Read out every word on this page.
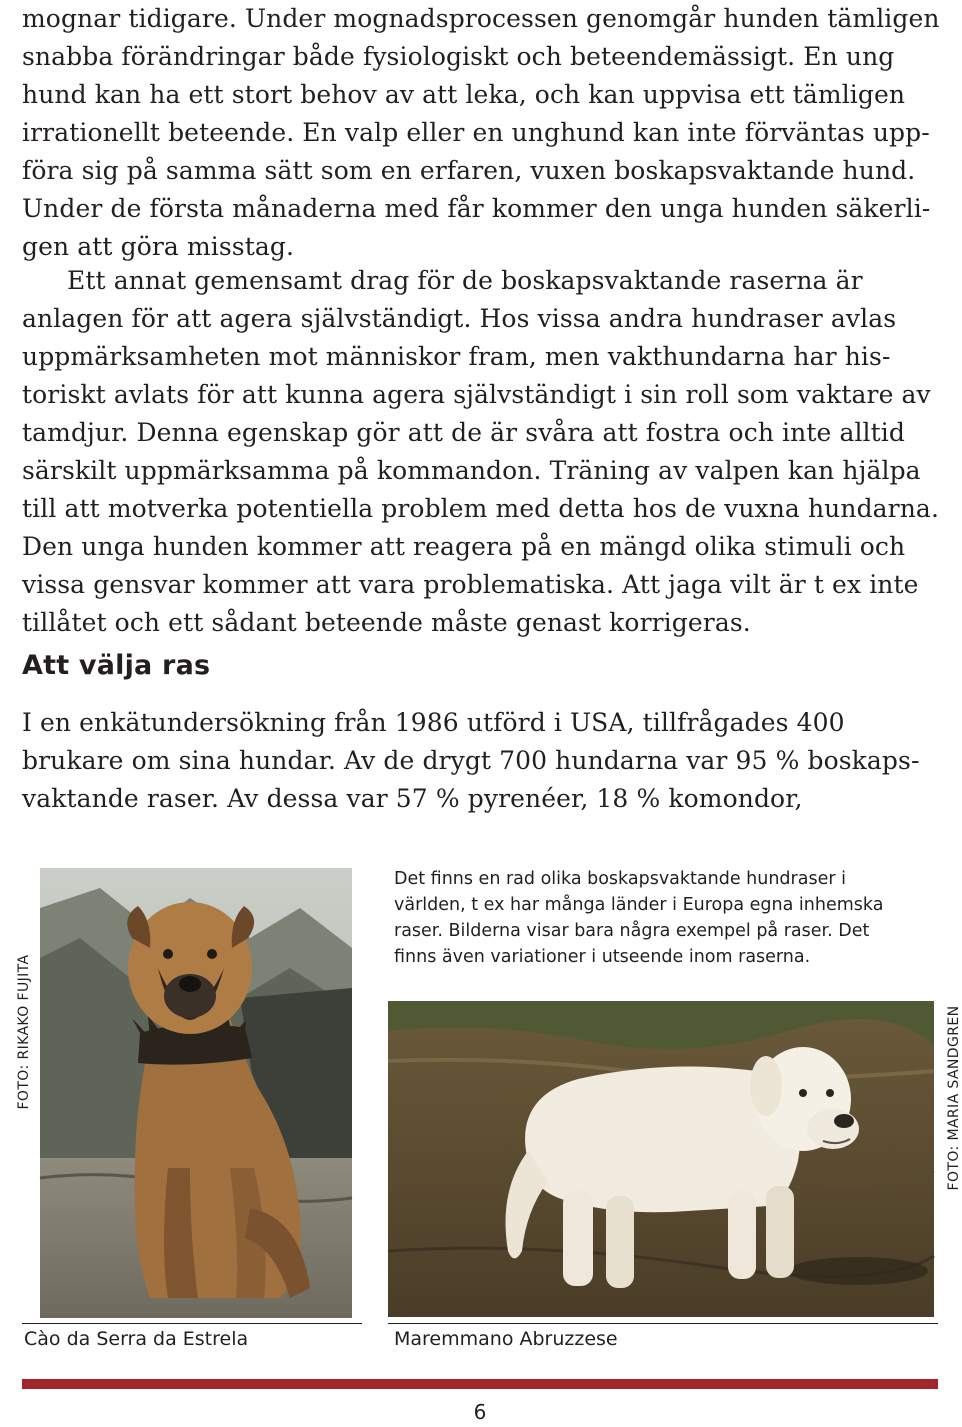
mognar tidigare. Under mognadsprocessen genomgår hunden tämligen
snabba förändringar både fysiologiskt och beteendemässigt. En ung
hund kan ha ett stort behov av att leka, och kan uppvisa ett tämligen
irrationellt beteende. En valp eller en unghund kan inte förväntas upp-
föra sig på samma sätt som en erfaren, vuxen boskapsvaktande hund.
Under de första månaderna med får kommer den unga hunden säkerli-
gen att göra misstag.
Ett annat gemensamt drag för de boskapsvaktande raserna är
anlagen för att agera självständigt. Hos vissa andra hundraser avlas
uppmärksamheten mot människor fram, men vakthundarna har his-
toriskt avlats för att kunna agera självständigt i sin roll som vaktare av
tamdjur. Denna egenskap gör att de är svåra att fostra och inte alltid
särskilt uppmärksamma på kommandon. Träning av valpen kan hjälpa
till att motverka potentiella problem med detta hos de vuxna hundarna.
Den unga hunden kommer att reagera på en mängd olika stimuli och
vissa gensvar kommer att vara problematiska. Att jaga vilt är t ex inte
tillåtet och ett sådant beteende måste genast korrigeras.
Att välja ras
I en enkätundersökning från 1986 utförd i USA, tillfrågades 400
brukare om sina hundar. Av de drygt 700 hundarna var 95 % boskaps-
vaktande raser. Av dessa var 57 % pyrenéer, 18 % komondor,
FOTO: RIKAKO FUJITA
Det finns en rad olika boskapsvaktande hundraser i
världen, t ex har många länder i Europa egna inhemska
raser. Bilderna visar bara några exempel på raser. Det
finns även variationer i utseende inom raserna.
FOTO: MARIA SANDGREN
Cào da Serra da Estrela	Maremmano Abruzzese
6
